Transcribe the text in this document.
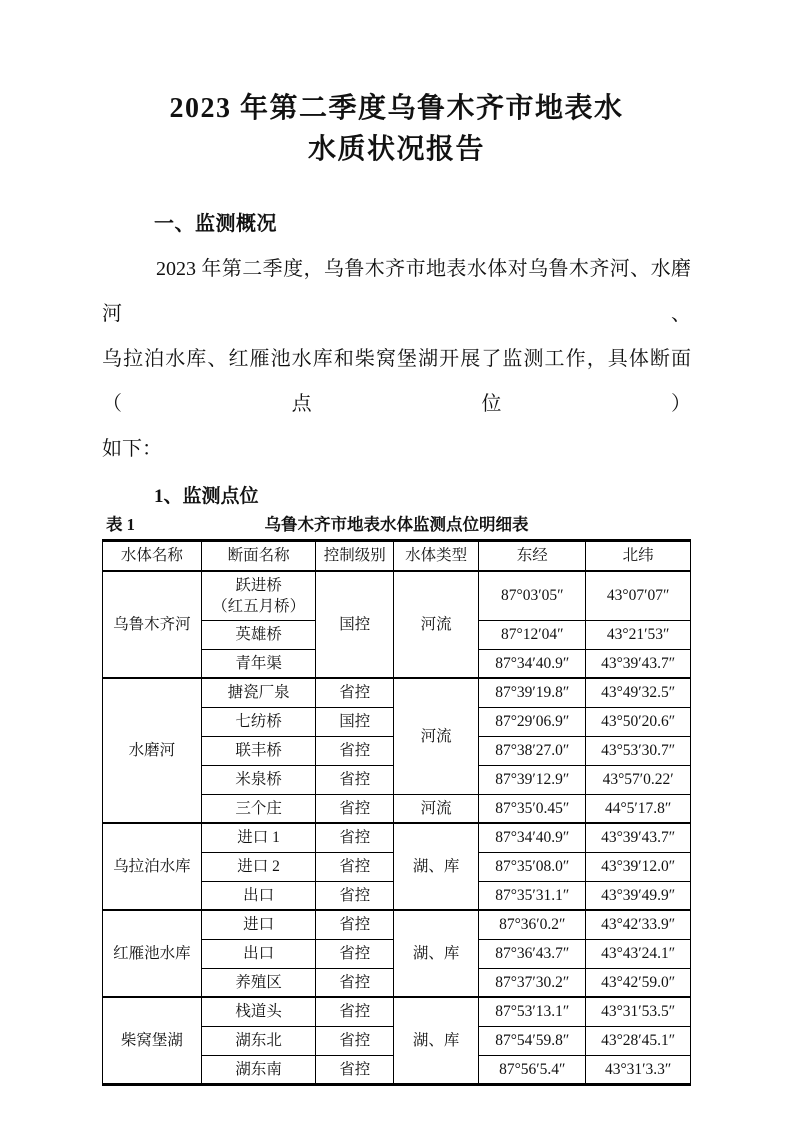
2023 年第二季度乌鲁木齐市地表水
水质状况报告
一、监测概况
2023 年第二季度，乌鲁木齐市地表水体对乌鲁木齐河、水磨河、
乌拉泊水库、红雁池水库和柴窝堡湖开展了监测工作，具体断面（点位）
如下：
1、监测点位
表 1	乌鲁木齐市地表水体监测点位明细表
水体名称	断面名称	控制级别	水体类型	东经	北纬
乌鲁木齐河	跃进桥
（红五月桥）	国控	河流	87°03′05″	43°07′07″
	英雄桥			87°12′04″	43°21′53″
	青年渠			87°34′40.9″	43°39′43.7″
水磨河	搪瓷厂泉	省控	河流	87°39′19.8″	43°49′32.5″
	七纺桥	国控		87°29′06.9″	43°50′20.6″
	联丰桥	省控		87°38′27.0″	43°53′30.7″
	米泉桥	省控		87°39′12.9″	43°57′0.22′
	三个庄	省控	河流	87°35′0.45″	44°5′17.8″
乌拉泊水库	进口 1	省控	湖、库	87°34′40.9″	43°39′43.7″
	进口 2	省控		87°35′08.0″	43°39′12.0″
	出口	省控		87°35′31.1″	43°39′49.9″
红雁池水库	进口	省控	湖、库	87°36′0.2″	43°42′33.9″
	出口	省控		87°36′43.7″	43°43′24.1″
	养殖区	省控		87°37′30.2″	43°42′59.0″
柴窝堡湖	栈道头	省控	湖、库	87°53′13.1″	43°31′53.5″
	湖东北	省控		87°54′59.8″	43°28′45.1″
	湖东南	省控		87°56′5.4″	43°31′3.3″
